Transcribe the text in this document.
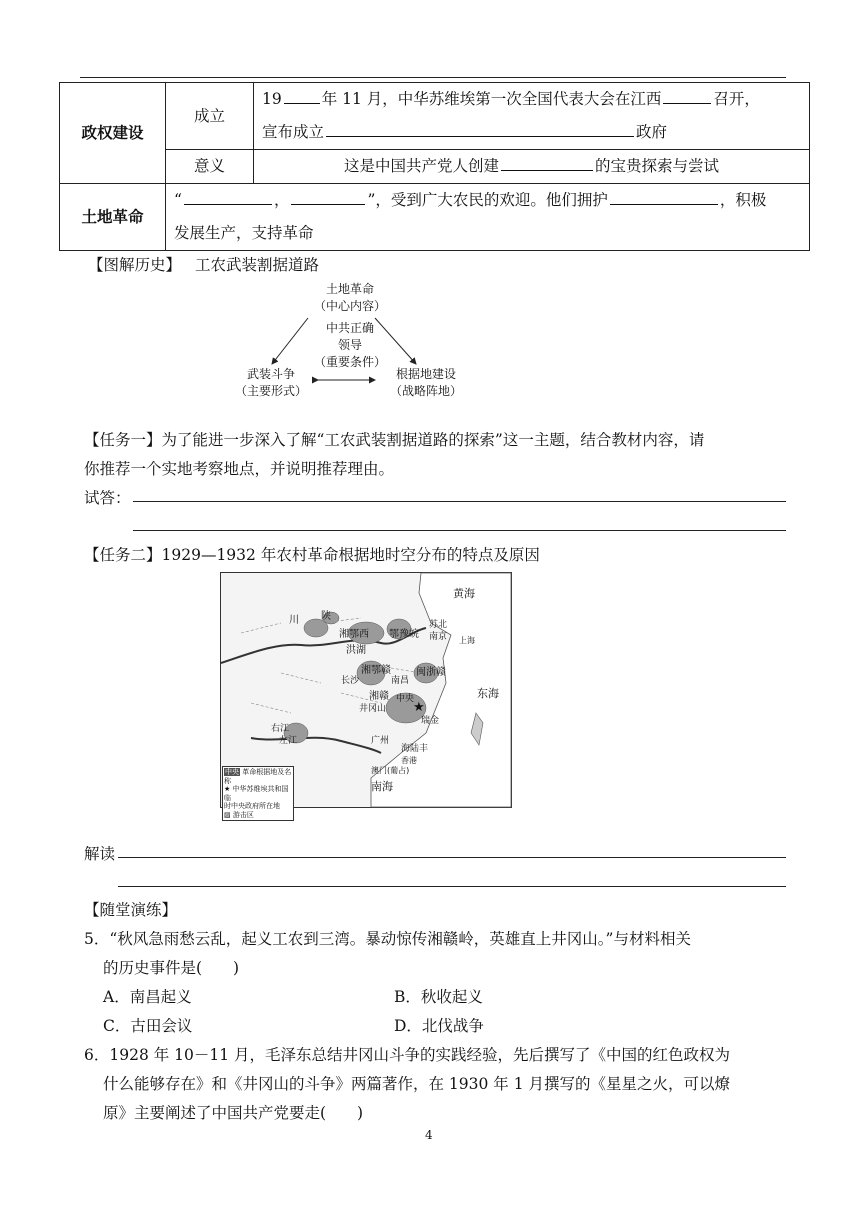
政权建设	成立	19 年 11 月，中华苏维埃第一次全国代表大会在江西 召开，
宣布成立 政府

	意义	这是中国共产党人创建 的宝贵探索与尝试
土地革命	“ ， ”，受到广大农民的欢迎。他们拥护 ，积极
发展生产，支持革命	
【图解历史】 工农武装割据道路
土地革命
（中心内容）
中共正确
领导
（重要条件）
武装斗争
（主要形式）
根据地建设
（战略阵地）
【任务一】为了能进一步深入了解“工农武装割据道路的探索”这一主题，结合教材内容，请
你推荐一个实地考察地点，并说明推荐理由。
试答：
【任务二】1929—1932 年农村革命根据地时空分布的特点及原因
★
黄海
东海
南海
川 陕
鄂豫皖
湘鄂西
洪湖
湘鄂赣	闽浙赣
湘赣 中央
井冈山
瑞金
长沙	南昌
南京 上海
苏北
广州
海陆丰
香港
澳门(葡占)
右江
左江
中央 革命根据地及名称
★ 中华苏维埃共和国临
时中央政府所在地
▨ 游击区
解读
【随堂演练】
5．“秋风急雨愁云乱，起义工农到三湾。暴动惊传湘赣岭，英雄直上井冈山。”与材料相关
的历史事件是(　　)
A．南昌起义	B．秋收起义
C．古田会议	D．北伐战争
6．1928 年 10－11 月，毛泽东总结井冈山斗争的实践经验，先后撰写了《中国的红色政权为
什么能够存在》和《井冈山的斗争》两篇著作，在 1930 年 1 月撰写的《星星之火，可以燎
原》主要阐述了中国共产党要走(　　)
4
